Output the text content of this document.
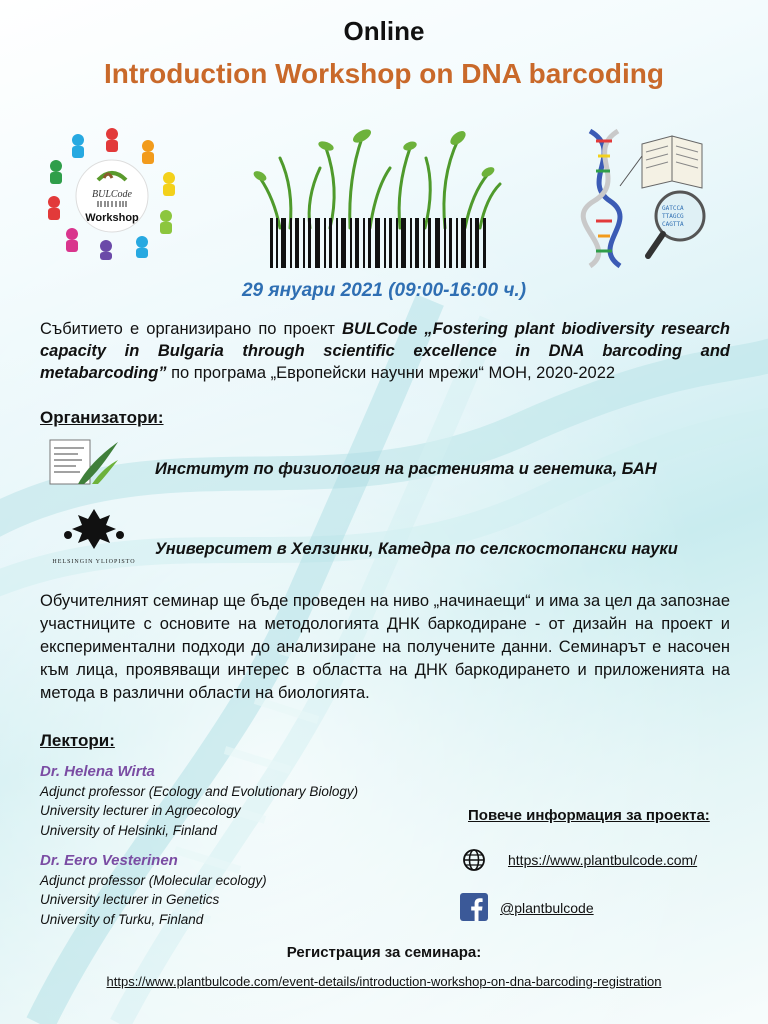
Online
Introduction Workshop on DNA barcoding
BULCode
Workshop
GATCCA
TTAGCG
CAGTTA
29 януари 2021 (09:00-16:00 ч.)
Събитието е организирано по проект BULCode „Fostering plant biodiversity research capacity in Bulgaria through scientific excellence in DNA barcoding and metabarcoding” по програма „Европейски научни мрежи“ МОН, 2020-2022
Организатори:
Институт по физиология на растенията и генетика, БАН
HELSINGIN YLIOPISTO
Университет в Хелзинки, Катедра по селскостопански науки
Обучителният семинар ще бъде проведен на ниво „начинаещи“ и има за цел да запознае участниците с основите на методологията ДНК баркодиране - от дизайн на проект и експериментални подходи до анализиране на получените данни. Семинарът е насочен към лица, проявяващи интерес в областта на ДНК баркодирането и приложенията на метода в различни области на биологията.
Лектори:
Dr. Helena Wirta
Adjunct professor (Ecology and Evolutionary Biology)
University lecturer in Agroecology
University of Helsinki, Finland
Dr. Eero Vesterinen
Adjunct professor (Molecular ecology)
University lecturer in Genetics
University of Turku, Finland
Повече информация за проекта:
https://www.plantbulcode.com/
@plantbulcode
Регистрация за семинара:
https://www.plantbulcode.com/event-details/introduction-workshop-on-dna-barcoding-registration
